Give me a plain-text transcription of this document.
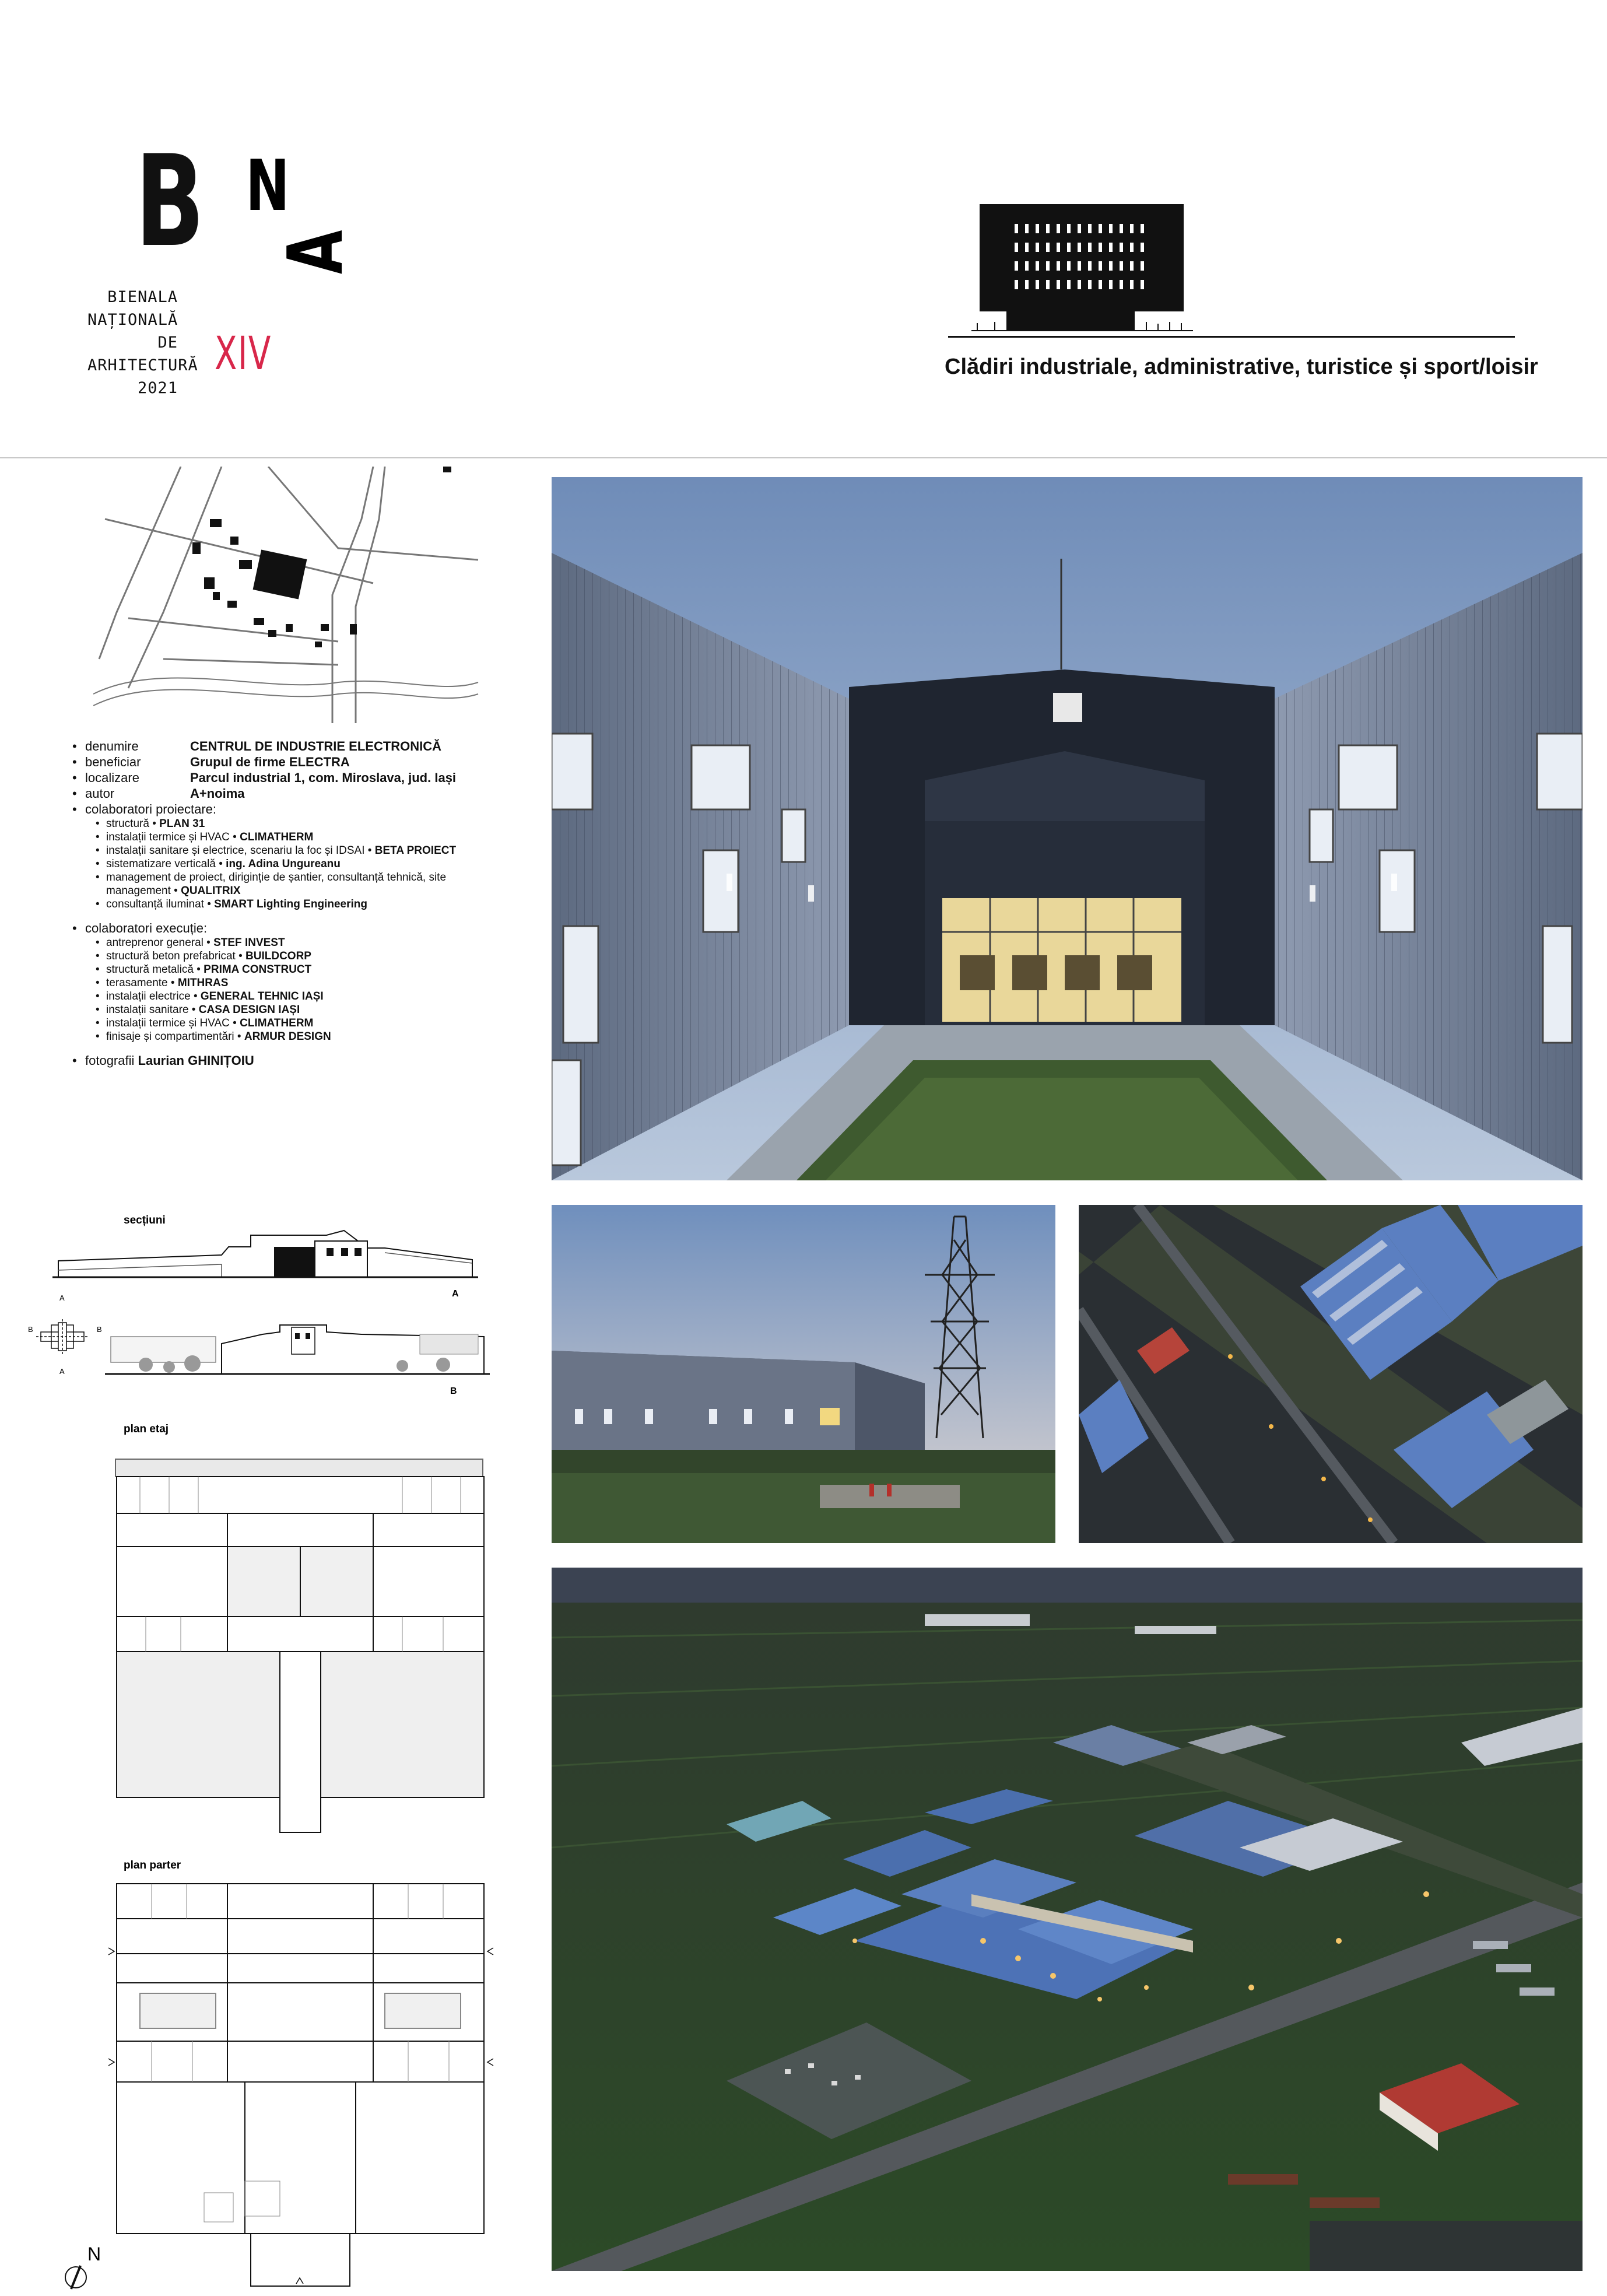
B N
A
BIENALA
NAȚIONALĂ
DE
ARHITECTURĂ
2021
XIV	Clădiri industriale, administrative, turistice și sport/loisir
• denumire	CENTRUL DE INDUSTRIE ELECTRONICĂ
• beneficiar	Grupul de firme ELECTRA
• localizare	Parcul industrial 1, com. Miroslava, jud. Iași
• autor	A+noima
• colaboratori proiectare:
• structură • PLAN 31
• instalații termice și HVAC • CLIMATHERM
• instalații sanitare și electrice, scenariu la foc și IDSAI • BETA PROIECT
• sistematizare verticală • ing. Adina Ungureanu
• management de proiect, diriginție de șantier, consultanță tehnică, site management • QUALITRIX
• consultanță iluminat • SMART Lighting Engineering
• colaboratori execuție:
• antreprenor general • STEF INVEST
• structură beton prefabricat • BUILDCORP
• structură metalică • PRIMA CONSTRUCT
• terasamente • MITHRAS
• instalații electrice • GENERAL TEHNIC IAȘI
• instalații sanitare • CASA DESIGN IAȘI
• instalații termice și HVAC • CLIMATHERM
• finisaje și compartimentări • ARMUR DESIGN
• fotografii Laurian GHINIȚOIU
secțiuni
A
A
A
B	B
B
plan etaj
plan parter
N
